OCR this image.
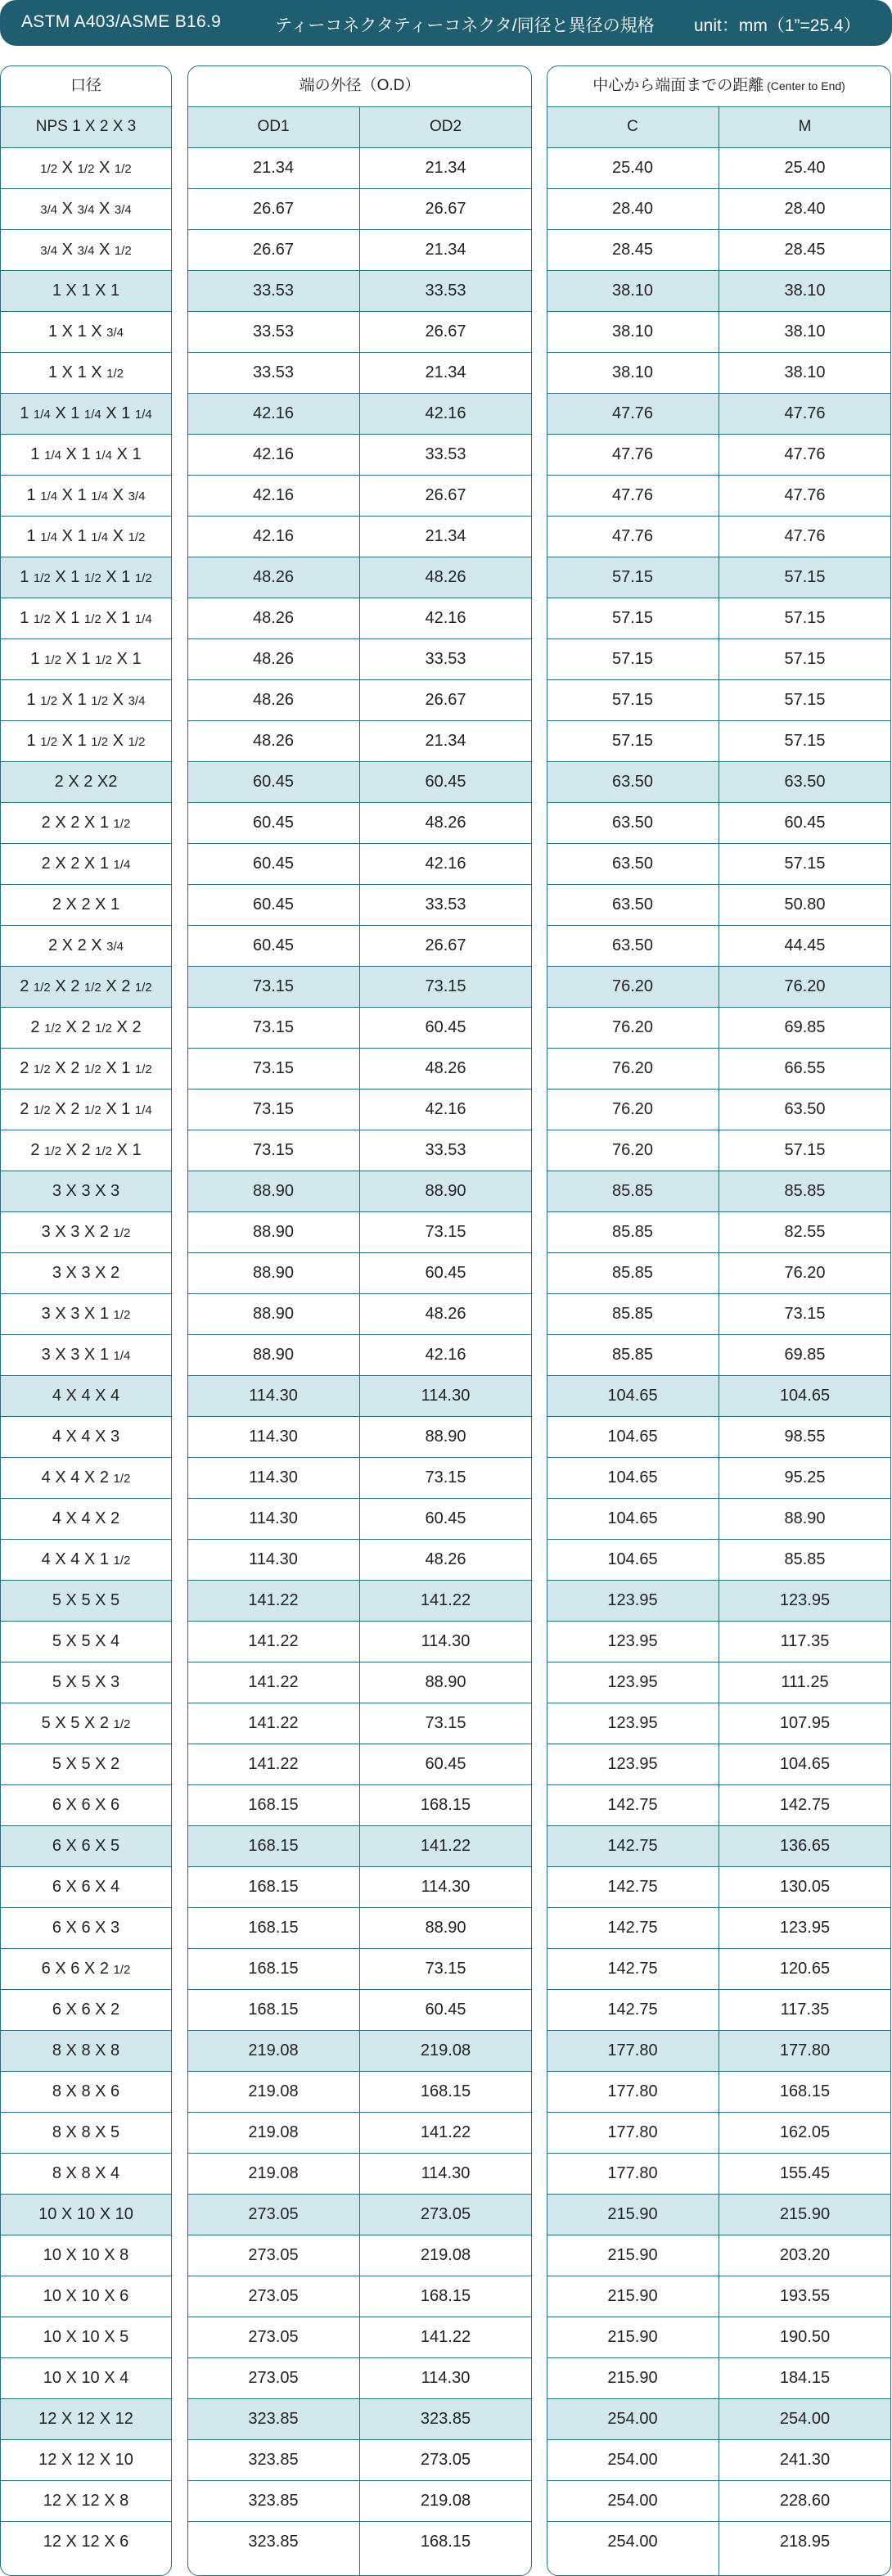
ASTM A403/ASME B16.9	ティーコネクタティーコネクタ/同径と異径の規格 unit：mm（1”=25.4）
口径	端の外径（O.D）	中心から端面までの距離 (Center to End)
NPS 1 X 2 X 3	OD1	OD2	C	M
1/2 X 1/2 X 1/2	21.34	21.34	25.40	25.40
3/4 X 3/4 X 3/4	26.67	26.67	28.40	28.40
3/4 X 3/4 X 1/2	26.67	21.34	28.45	28.45
1 X 1 X 1	33.53	33.53	38.10	38.10
1 X 1 X 3/4	33.53	26.67	38.10	38.10
1 X 1 X 1/2	33.53	21.34	38.10	38.10
1 1/4 X 1 1/4 X 1 1/4	42.16	42.16	47.76	47.76
1 1/4 X 1 1/4 X 1	42.16	33.53	47.76	47.76
1 1/4 X 1 1/4 X 3/4	42.16	26.67	47.76	47.76
1 1/4 X 1 1/4 X 1/2	42.16	21.34	47.76	47.76
1 1/2 X 1 1/2 X 1 1/2	48.26	48.26	57.15	57.15
1 1/2 X 1 1/2 X 1 1/4	48.26	42.16	57.15	57.15
1 1/2 X 1 1/2 X 1	48.26	33.53	57.15	57.15
1 1/2 X 1 1/2 X 3/4	48.26	26.67	57.15	57.15
1 1/2 X 1 1/2 X 1/2	48.26	21.34	57.15	57.15
2 X 2 X2	60.45	60.45	63.50	63.50
2 X 2 X 1 1/2	60.45	48.26	63.50	60.45
2 X 2 X 1 1/4	60.45	42.16	63.50	57.15
2 X 2 X 1	60.45	33.53	63.50	50.80
2 X 2 X 3/4	60.45	26.67	63.50	44.45
2 1/2 X 2 1/2 X 2 1/2	73.15	73.15	76.20	76.20
2 1/2 X 2 1/2 X 2	73.15	60.45	76.20	69.85
2 1/2 X 2 1/2 X 1 1/2	73.15	48.26	76.20	66.55
2 1/2 X 2 1/2 X 1 1/4	73.15	42.16	76.20	63.50
2 1/2 X 2 1/2 X 1	73.15	33.53	76.20	57.15
3 X 3 X 3	88.90	88.90	85.85	85.85
3 X 3 X 2 1/2	88.90	73.15	85.85	82.55
3 X 3 X 2	88.90	60.45	85.85	76.20
3 X 3 X 1 1/2	88.90	48.26	85.85	73.15
3 X 3 X 1 1/4	88.90	42.16	85.85	69.85
4 X 4 X 4	114.30	114.30	104.65	104.65
4 X 4 X 3	114.30	88.90	104.65	98.55
4 X 4 X 2 1/2	114.30	73.15	104.65	95.25
4 X 4 X 2	114.30	60.45	104.65	88.90
4 X 4 X 1 1/2	114.30	48.26	104.65	85.85
5 X 5 X 5	141.22	141.22	123.95	123.95
5 X 5 X 4	141.22	114.30	123.95	117.35
5 X 5 X 3	141.22	88.90	123.95	111.25
5 X 5 X 2 1/2	141.22	73.15	123.95	107.95
5 X 5 X 2	141.22	60.45	123.95	104.65
6 X 6 X 6	168.15	168.15	142.75	142.75
6 X 6 X 5	168.15	141.22	142.75	136.65
6 X 6 X 4	168.15	114.30	142.75	130.05
6 X 6 X 3	168.15	88.90	142.75	123.95
6 X 6 X 2 1/2	168.15	73.15	142.75	120.65
6 X 6 X 2	168.15	60.45	142.75	117.35
8 X 8 X 8	219.08	219.08	177.80	177.80
8 X 8 X 6	219.08	168.15	177.80	168.15
8 X 8 X 5	219.08	141.22	177.80	162.05
8 X 8 X 4	219.08	114.30	177.80	155.45
10 X 10 X 10	273.05	273.05	215.90	215.90
10 X 10 X 8	273.05	219.08	215.90	203.20
10 X 10 X 6	273.05	168.15	215.90	193.55
10 X 10 X 5	273.05	141.22	215.90	190.50
10 X 10 X 4	273.05	114.30	215.90	184.15
12 X 12 X 12	323.85	323.85	254.00	254.00
12 X 12 X 10	323.85	273.05	254.00	241.30
12 X 12 X 8	323.85	219.08	254.00	228.60
12 X 12 X 6	323.85	168.15	254.00	218.95
